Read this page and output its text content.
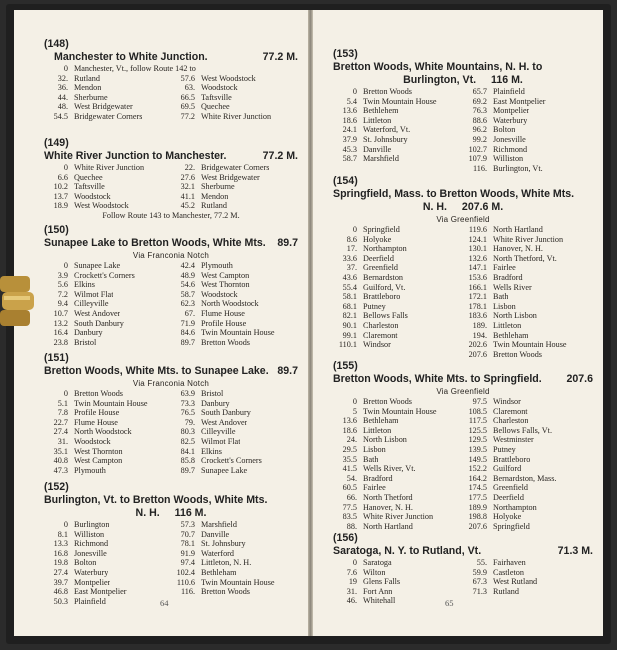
(148)
Manchester to White Junction.	77.2 M.
0 Manchester, Vt., follow Route 142 to
32. Rutland
36. Mendon
44. Sherburne
48. West Bridgewater
54.5 Bridgewater Corners
57.6 West Woodstock
63. Woodstock
66.5 Taftsville
69.5 Quechee
77.2 White River Junction
(149)
White River Junction to Manchester.	77.2 M.
0 White River Junction
6.6 Quechee
10.2 Taftsville
13.7 Woodstock
18.9 West Woodstock
22. Bridgewater Corners
27.6 West Bridgewater
32.1 Sherburne
41.1 Mendon
45.2 Rutland
Follow Route 143 to Manchester, 77.2 M.
(150)
Sunapee Lake to Bretton Woods, White Mts. 89.7
Via Franconia Notch
0 Sunapee Lake
3.9 Crockett's Corners
5.6 Elkins
7.2 Wilmot Flat
9.4 Cilleyville
10.7 West Andover
13.2 South Danbury
16.4 Danbury
23.8 Bristol
42.4 Plymouth
48.9 West Campton
54.6 West Thornton
58.7 Woodstock
62.3 North Woodstock
67. Flume House
71.9 Profile House
84.6 Twin Mountain House
89.7 Bretton Woods
(151)
Bretton Woods, White Mts. to Sunapee Lake. 89.7
Via Franconia Notch
0 Bretton Woods
5.1 Twin Mountain House
7.8 Profile House
22.7 Flume House
27.4 North Woodstock
31. Woodstock
35.1 West Thornton
40.8 West Campton
47.3 Plymouth
63.9 Bristol
73.3 Danbury
76.5 South Danbury
79. West Andover
80.3 Cilleyville
82.5 Wilmot Flat
84.1 Elkins
85.8 Crockett's Corners
89.7 Sunapee Lake
(152)
Burlington, Vt. to Bretton Woods, White Mts.
N. H. 116 M.
0 Burlington
8.1 Williston
13.3 Richmond
16.8 Jonesville
19.8 Bolton
27.4 Waterbury
39.7 Montpelier
46.8 East Montpelier
50.3 Plainfield
57.3 Marshfield
70.7 Danville
78.1 St. Johnsbury
91.9 Waterford
97.4 Littleton, N. H.
102.4 Bethleham
110.6 Twin Mountain House
116. Bretton Woods
64
(153)
Bretton Woods, White Mountains, N. H. to
Burlington, Vt. 116 M.
0 Bretton Woods
5.4 Twin Mountain House
13.6 Bethlehem
18.6 Littleton
24.1 Waterford, Vt.
37.9 St. Johnsbury
45.3 Danville
58.7 Marshfield
65.7 Plainfield
69.2 East Montpelier
76.3 Montpelier
88.6 Waterbury
96.2 Bolton
99.2 Jonesville
102.7 Richmond
107.9 Williston
116. Burlington, Vt.
(154)
Springfield, Mass. to Bretton Woods, White Mts.
N. H. 207.6 M.
Via Greenfield
0 Springfield
8.6 Holyoke
17. Northampton
33.6 Deerfield
37. Greenfield
43.6 Bernardston
55.4 Guilford, Vt.
58.1 Brattleboro
68.1 Putney
82.1 Bellows Falls
90.1 Charleston
99.1 Claremont
110.1 Windsor
119.6 North Hartland
124.1 White River Junction
130.1 Hanover, N. H.
132.6 North Thetford, Vt.
147.1 Fairlee
153.6 Bradford
166.1 Wells River
172.1 Bath
178.1 Lisbon
183.6 North Lisbon
189. Littleton
194. Bethleham
202.6 Twin Mountain House
207.6 Bretton Woods
(155)
Bretton Woods, White Mts. to Springfield. 207.6
Via Greenfield
0 Bretton Woods
5 Twin Mountain House
13.6 Bethleham
18.6 Littleton
24. North Lisbon
29.5 Lisbon
35.5 Bath
41.5 Wells River, Vt.
54. Bradford
60.5 Fairlee
66. North Thetford
77.5 Hanover, N. H.
83.5 White River Junction
88. North Hartland
97.5 Windsor
108.5 Claremont
117.5 Charleston
125.5 Bellows Falls, Vt.
129.5 Westminster
139.5 Putney
149.5 Brattleboro
152.2 Guilford
164.2 Bernardston, Mass.
174.5 Greenfield
177.5 Deerfield
189.9 Northampton
198.8 Holyoke
207.6 Springfield
(156)
Saratoga, N. Y. to Rutland, Vt.	71.3 M.
0 Saratoga
7.6 Wilton
19 Glens Falls
31. Fort Ann
46. Whitehall
55. Fairhaven
59.9 Castleton
67.3 West Rutland
71.3 Rutland
65
